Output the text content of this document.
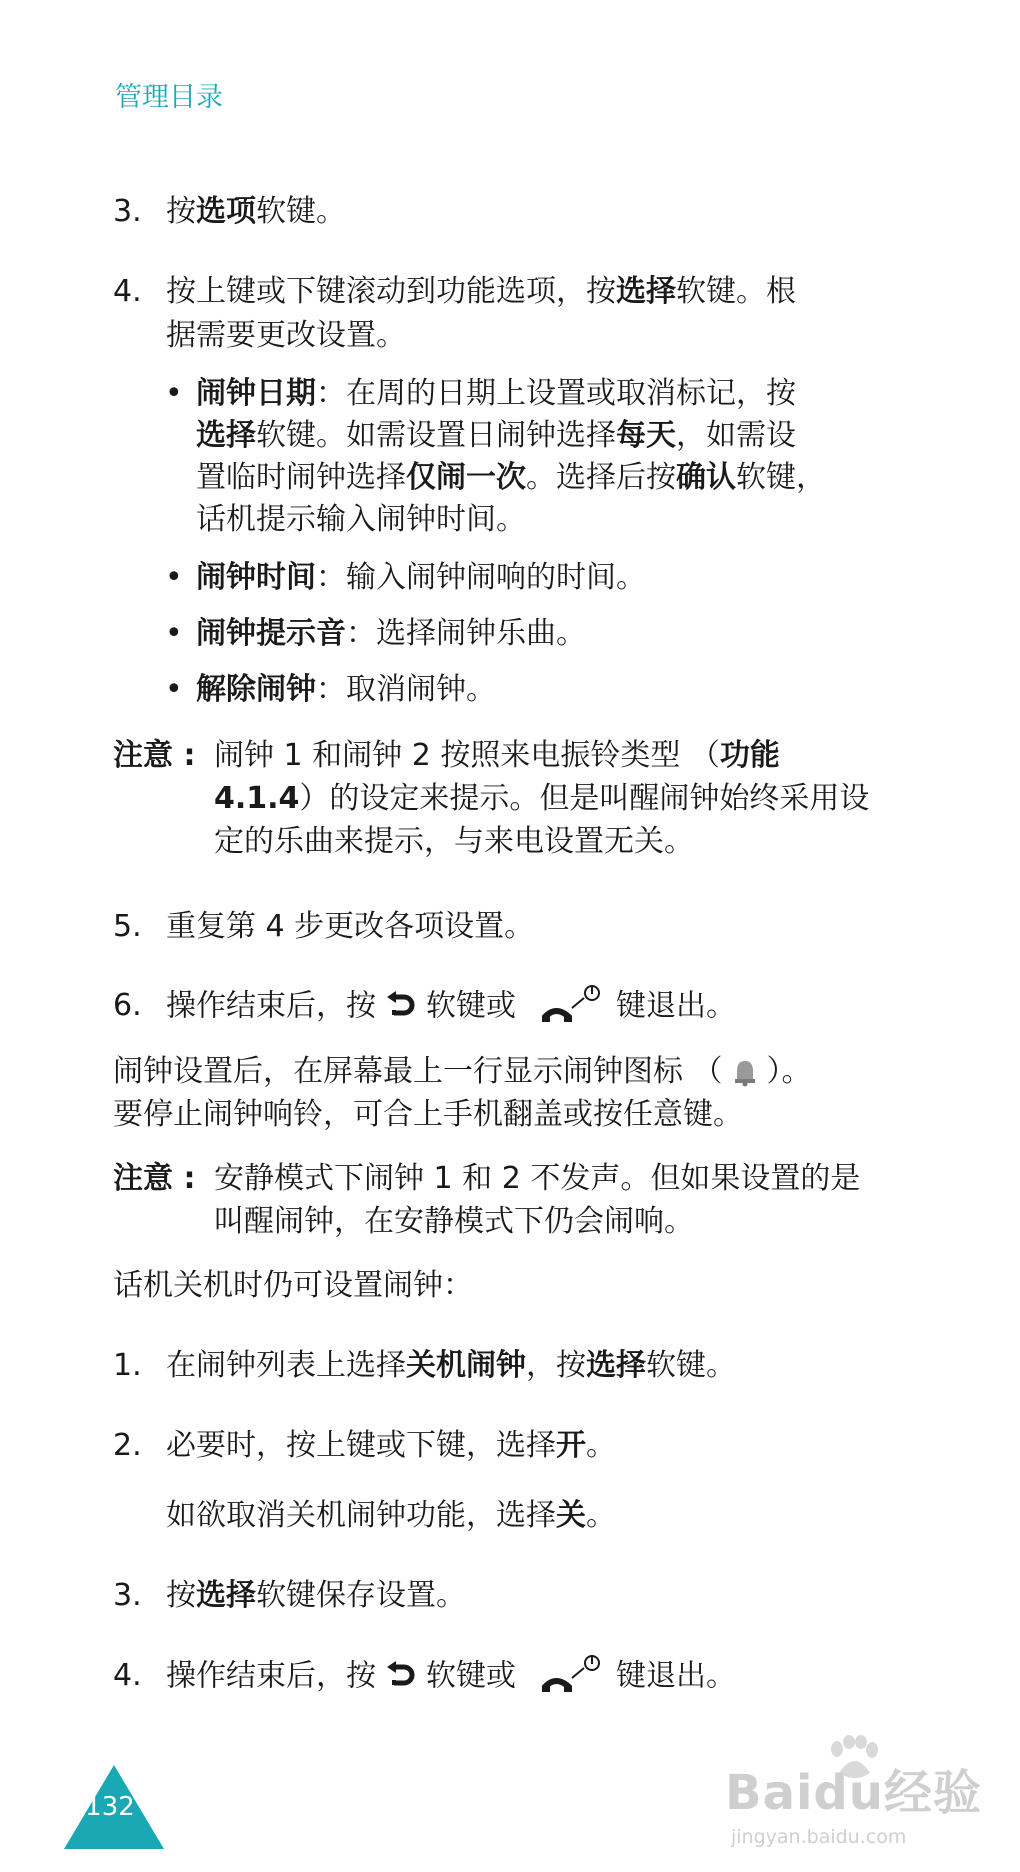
管理目录
3. 按选项软键。
4. 按上键或下键滚动到功能选项，按选择软键。根
据需要更改设置。
• 闹钟日期：在周的日期上设置或取消标记，按
选择软键。如需设置日闹钟选择每天，如需设
置临时闹钟选择仅闹一次。选择后按确认软键，
话机提示输入闹钟时间。
• 闹钟时间：输入闹钟闹响的时间。
• 闹钟提示音：选择闹钟乐曲。
• 解除闹钟：取消闹钟。
注意 : 闹钟 1 和闹钟 2 按照来电振铃类型 （功能
4.1.4）的设定来提示。但是叫醒闹钟始终采用设
定的乐曲来提示，与来电设置无关。
5. 重复第 4 步更改各项设置。
6. 操作结束后，按 软键或	键退出。
闹钟设置后，在屏幕最上一行显示闹钟图标 （ ）。
要停止闹钟响铃，可合上手机翻盖或按任意键。
注意 : 安静模式下闹钟 1 和 2 不发声。但如果设置的是
叫醒闹钟，在安静模式下仍会闹响。
话机关机时仍可设置闹钟：
1. 在闹钟列表上选择关机闹钟，按选择软键。
2. 必要时，按上键或下键，选择开。
如欲取消关机闹钟功能，选择关。
3. 按选择软键保存设置。
4. 操作结束后，按 软键或	键退出。
132	Baidu经验
jingyan.baidu.com
